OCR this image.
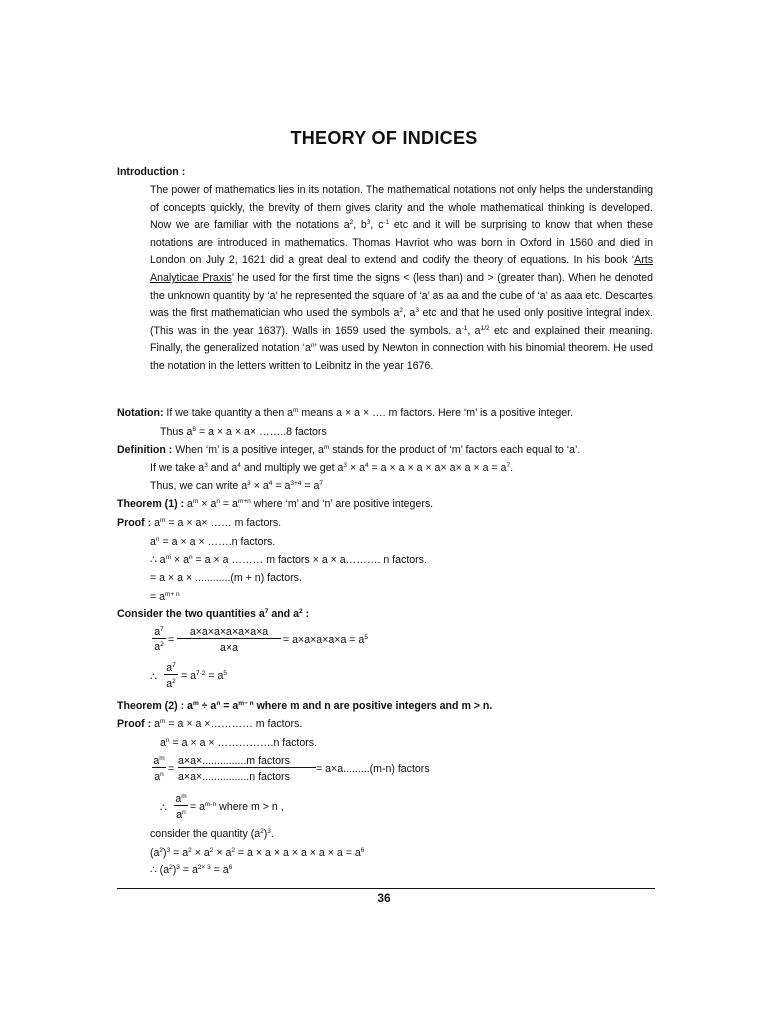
THEORY OF INDICES
Introduction :
The power of mathematics lies in its notation. The mathematical notations not only helps the understanding of concepts quickly, the brevity of them gives clarity and the whole mathematical thinking is developed. Now we are familiar with the notations $a^2$, $b^3$, $c^{-1}$ etc and it will be surprising to know that when these notations are introduced in mathematics. Thomas Havriot who was born in Oxford in 1560 and died in London on July 2, 1621 did a great deal to extend and codify the theory of equations. In his book ‘Arts Analyticae Praxis’ he used for the first time the signs < (less than) and > (greater than). When he denoted the unknown quantity by ‘a’ he represented the square of ‘a’ as aa and the cube of ‘a’ as aaa etc. Descartes was the first mathematician who used the symbols $a^2$, $a^3$ etc and that he used only positive integral index. (This was in the year 1637). Walls in 1659 used the symbols. $a^{-1}$, $a^{1/2}$ etc and explained their meaning. Finally, the generalized notation ‘$a^n$’ was used by Newton in connection with his binomial theorem. He used the notation in the letters written to Leibnitz in the year 1676.
Notation: If we take quantity a then $a^m$ means a × a × …. m factors. Here ‘m’ is a positive integer.
Thus $a^8 = a \times a \times a\times$ ……..8 factors
Definition : When ‘m’ is a positive integer, $a^m$ stands for the product of ‘m’ factors each equal to ‘a’.
If we take $a^3$ and $a^4$ and multiply we get $a^3 \times a^4 = a \times a \times a \times a\times a\times a \times a = a^7$.
Thus, we can write $a^3 \times a^4 = a^{3+4} = a^7$
Theorem (1) : $a^m \times a^n = a^{m+n}$ where ‘m’ and ‘n’ are positive integers.
Proof : $a^m = a \times a\times$ …… m factors.
$a^n = a \times a$ × …….n factors.
∴ $a^m \times a^n = a \times a$ ……… m factors × a × a………. n factors.
= a × a × ............(m + n) factors.
= $a^{m+ n}$
Consider the two quantities $a^7$ and $a^2$ :
$a^7$
$a^2$ =
a×a×a×a×a×a×a
a×a
= $a\times a\times a\times a\times a = a^5$
∴
$a^7$
$a^2 = a^{7-2} = a^5$
Theorem (2) : $a^m \div a^n = a^{m- n}$ where m and n are positive integers and m > n.
Proof : $a^m = a \times a$ ×………… m factors.
$a^n = a \times a$ × …………….n factors.
$a^m$
$a^n$ =
a×a×...............m factors
a×a×................n factors
= a×a.........(m-n) factors
∴
$a^m$
$a^n = a^{m-n}$ where m > n ,
consider the quantity $(a^2)^3$.
$(a^2)^3 = a^2 \times a^2 \times a^2 = a \times a \times a \times a \times a \times a = a^6$
∴ $(a^2)^3 = a^{2\times 3} = a^6$
36
